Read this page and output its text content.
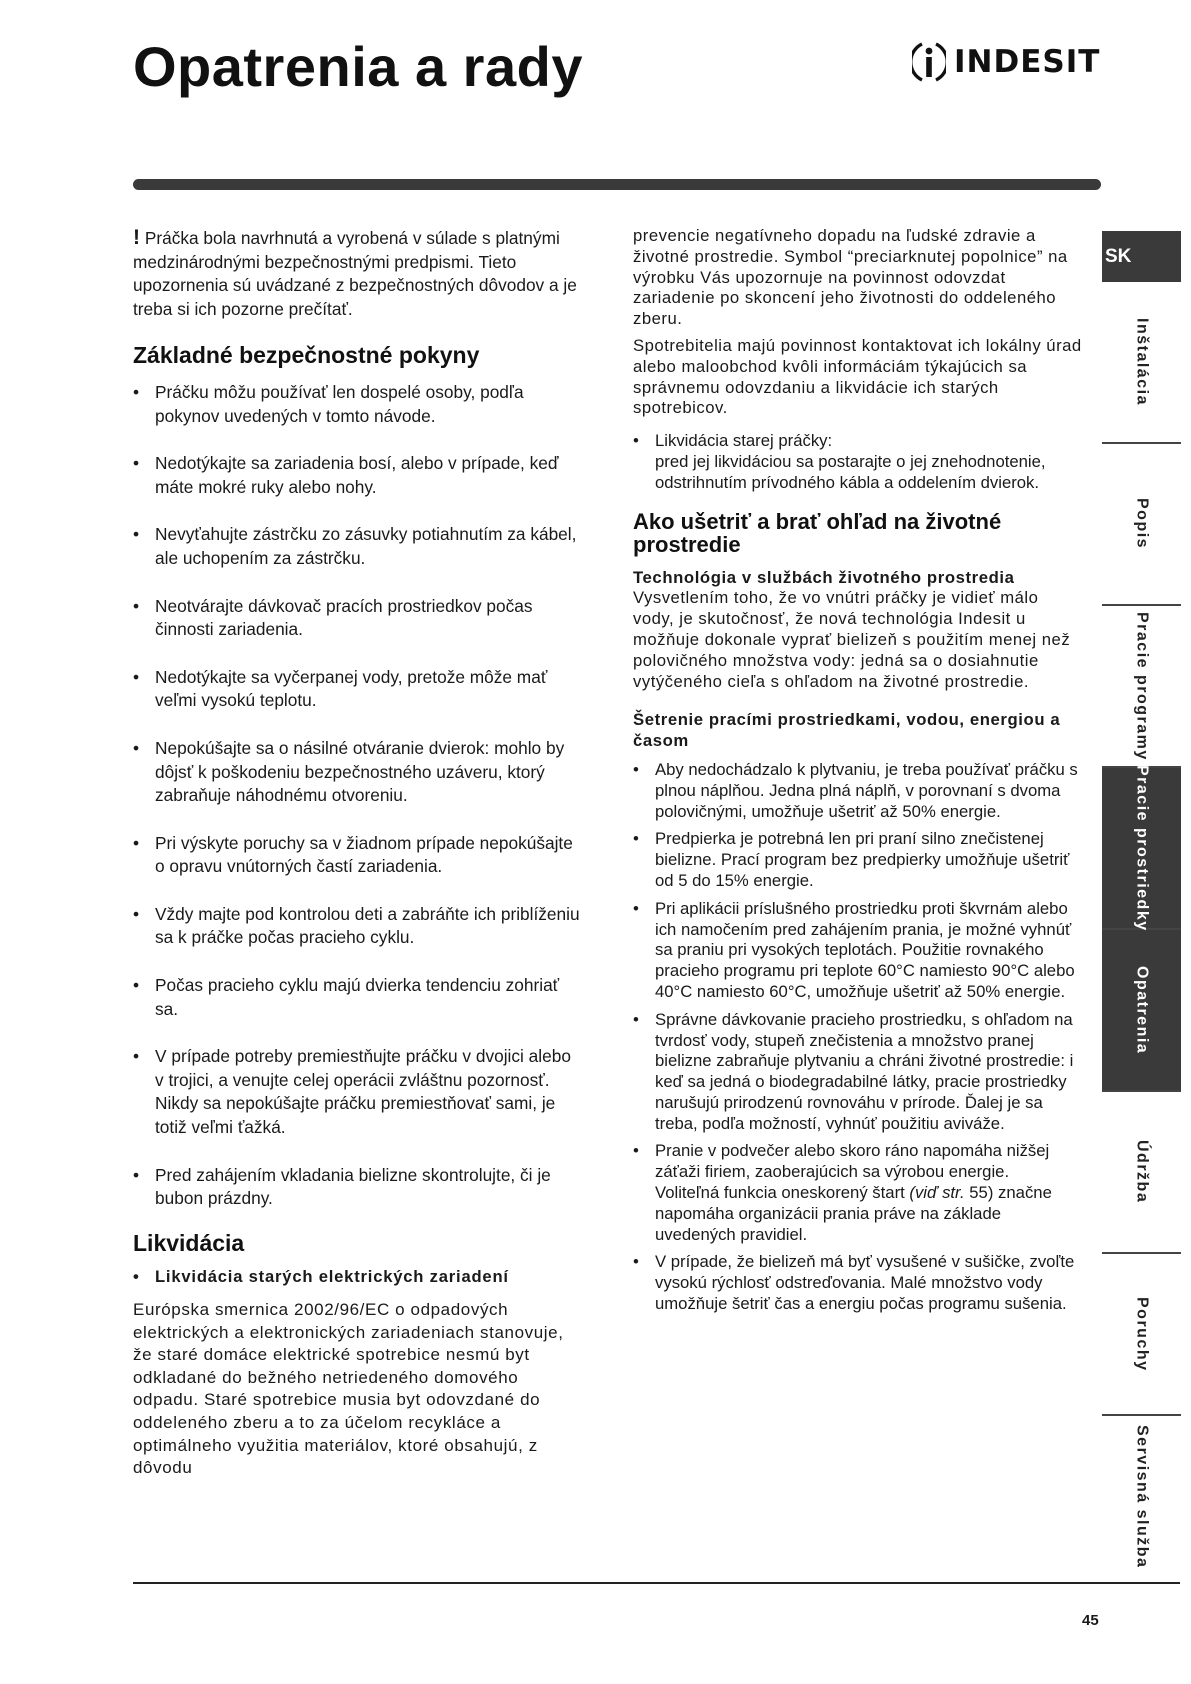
Opatrenia a rady	INDESIT

! Práčka bola navrhnutá a vyrobená v súlade s platnými medzinárodnými bezpečnostnými predpismi. Tieto upozornenia sú uvádzané z bezpečnostných dôvodov a je treba si ich pozorne prečítať.

Základné bezpečnostné pokyny
• Práčku môžu používať len dospelé osoby, podľa pokynov uvedených v tomto návode.
• Nedotýkajte sa zariadenia bosí, alebo v prípade, keď máte mokré ruky alebo nohy.
• Nevyťahujte zástrčku zo zásuvky potiahnutím za kábel, ale uchopením za zástrčku.
• Neotvárajte dávkovač pracích prostriedkov počas činnosti zariadenia.
• Nedotýkajte sa vyčerpanej vody, pretože môže mať veľmi vysokú teplotu.
• Nepokúšajte sa o násilné otváranie dvierok: mohlo by dôjsť k poškodeniu bezpečnostného uzáveru, ktorý zabraňuje náhodnému otvoreniu.
• Pri výskyte poruchy sa v žiadnom prípade nepokúšajte o opravu vnútorných častí zariadenia.
• Vždy majte pod kontrolou deti a zabráňte ich priblíženiu sa k práčke počas pracieho cyklu.
• Počas pracieho cyklu majú dvierka tendenciu zohriať sa.
• V prípade potreby premiestňujte práčku v dvojici alebo v trojici, a venujte celej operácii zvláštnu pozornosť. Nikdy sa nepokúšajte práčku premiestňovať sami, je totiž veľmi ťažká.
• Pred zahájením vkladania bielizne skontrolujte, či je bubon prázdny.
Likvidácia
• Likvidácia starých elektrických zariadení

Európska smernica 2002/96/EC o odpadových elektrických a elektronických zariadeniach stanovuje, že staré domáce elektrické spotrebice nesmú byt odkladané do bežného netriedeného domového odpadu. Staré spotrebice musia byt odovzdané do oddeleného zberu a to za účelom recykláce a optimálneho využitia materiálov, ktoré obsahujú, z dôvodu

prevencie negatívneho dopadu na ľudské zdravie a životné prostredie. Symbol “preciarknutej popolnice” na výrobku Vás upozornuje na povinnost odovzdat zariadenie po skoncení jeho životnosti do oddeleného zberu.

Spotrebitelia majú povinnost kontaktovat ich lokálny úrad alebo maloobchod kvôli informáciám týkajúcich sa správnemu odovzdaniu a likvidácie ich starých spotrebicov.

• Likvidácia starej práčky:
pred jej likvidáciou sa postarajte o jej znehodnotenie, odstrihnutím prívodného kábla a oddelením dvierok.
Ako ušetriť a brať ohľad na životné prostredie

Technológia v službách životného prostredia

Vysvetlením toho, že vo vnútri práčky je vidieť málo vody, je skutočnosť, že nová technológia Indesit u možňuje dokonale vyprať bielizeň s použitím menej než polovičného množstva vody: jedná sa o dosiahnutie vytýčeného cieľa s ohľadom na životné prostredie.

Šetrenie pracími prostriedkami, vodou, energiou a časom

• Aby nedochádzalo k plytvaniu, je treba používať práčku s plnou náplňou. Jedna plná náplň, v porovnaní s dvoma polovičnými, umožňuje ušetriť až 50% energie.
• Predpierka je potrebná len pri praní silno znečistenej bielizne. Prací program bez predpierky umožňuje ušetriť od 5 do 15% energie.
• Pri aplikácii príslušného prostriedku proti škvrnám alebo ich namočením pred zahájením prania, je možné vyhnúť sa praniu pri vysokých teplotách. Použitie rovnakého pracieho programu pri teplote 60°C namiesto 90°C alebo 40°C namiesto 60°C, umožňuje ušetriť až 50% energie.
• Správne dávkovanie pracieho prostriedku, s ohľadom na tvrdosť vody, stupeň znečistenia a množstvo pranej bielizne zabraňuje plytvaniu a chráni životné prostredie: i keď sa jedná o biodegradabilné látky, pracie prostriedky narušujú prirodzenú rovnováhu v prírode. Ďalej je sa treba, podľa možností, vyhnúť použitiu aviváže.
• Pranie v podvečer alebo skoro ráno napomáha nižšej záťaži firiem, zaoberajúcich sa výrobou energie.
Voliteľná funkcia oneskorený štart (viď str. 55) značne napomáha organizácii prania práve na základe uvedených pravidiel.
• V prípade, že bielizeň má byť vysušené v sušičke, zvoľte vysokú rýchlosť odstreďovania. Malé množstvo vody umožňuje šetriť čas a energiu počas programu sušenia.
SK
Inštalácia
Popis
Pracie programy
Pracie prostriedky
Opatrenia
Údržba
Poruchy
Servisná služba
45
